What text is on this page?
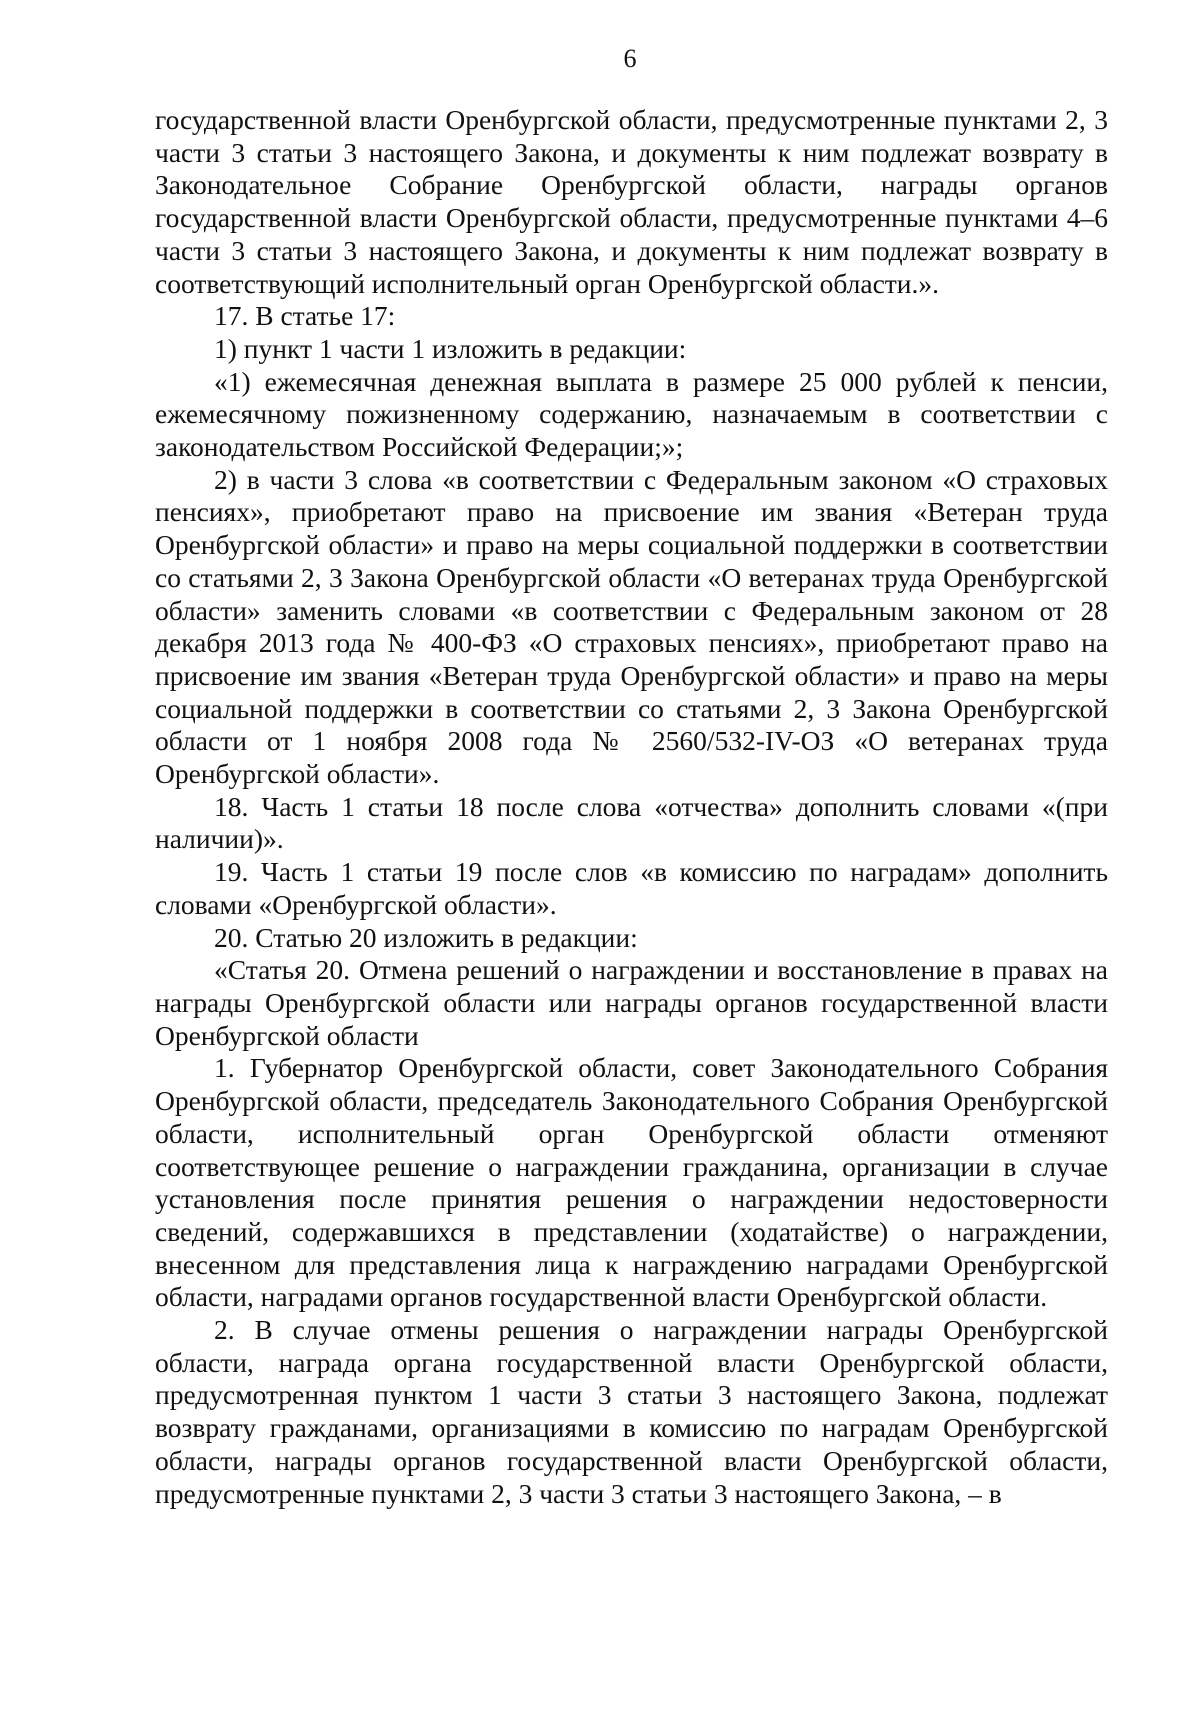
6

государственной власти Оренбургской области, предусмотренные пунктами 2, 3 части 3 статьи 3 настоящего Закона, и документы к ним подлежат возврату в Законодательное Собрание Оренбургской области, награды органов государственной власти Оренбургской области, предусмотренные пунктами 4–6 части 3 статьи 3 настоящего Закона, и документы к ним подлежат возврату в соответствующий исполнительный орган Оренбургской области.».

17. В статье 17:

1) пункт 1 части 1 изложить в редакции:

«1) ежемесячная денежная выплата в размере 25 000 рублей к пенсии, ежемесячному пожизненному содержанию, назначаемым в соответствии с законодательством Российской Федерации;»;

2) в части 3 слова «в соответствии с Федеральным законом «О страховых пенсиях», приобретают право на присвоение им звания «Ветеран труда Оренбургской области» и право на меры социальной поддержки в соответствии со статьями 2, 3 Закона Оренбургской области «О ветеранах труда Оренбургской области» заменить словами «в соответствии с Федеральным законом от 28 декабря 2013 года № 400-ФЗ «О страховых пенсиях», приобретают право на присвоение им звания «Ветеран труда Оренбургской области» и право на меры социальной поддержки в соответствии со статьями 2, 3 Закона Оренбургской области от 1 ноября 2008 года № 2560/532-IV-ОЗ «О ветеранах труда Оренбургской области».

18. Часть 1 статьи 18 после слова «отчества» дополнить словами «(при наличии)».

19. Часть 1 статьи 19 после слов «в комиссию по наградам» дополнить словами «Оренбургской области».

20. Статью 20 изложить в редакции:

«Статья 20. Отмена решений о награждении и восстановление в правах на награды Оренбургской области или награды органов государственной власти Оренбургской области

1. Губернатор Оренбургской области, совет Законодательного Собрания Оренбургской области, председатель Законодательного Собрания Оренбургской области, исполнительный орган Оренбургской области отменяют соответствующее решение о награждении гражданина, организации в случае установления после принятия решения о награждении недостоверности сведений, содержавшихся в представлении (ходатайстве) о награждении, внесенном для представления лица к награждению наградами Оренбургской области, наградами органов государственной власти Оренбургской области.

2. В случае отмены решения о награждении награды Оренбургской области, награда органа государственной власти Оренбургской области, предусмотренная пунктом 1 части 3 статьи 3 настоящего Закона, подлежат возврату гражданами, организациями в комиссию по наградам Оренбургской области, награды органов государственной власти Оренбургской области, предусмотренные пунктами 2, 3 части 3 статьи 3 настоящего Закона, – в
